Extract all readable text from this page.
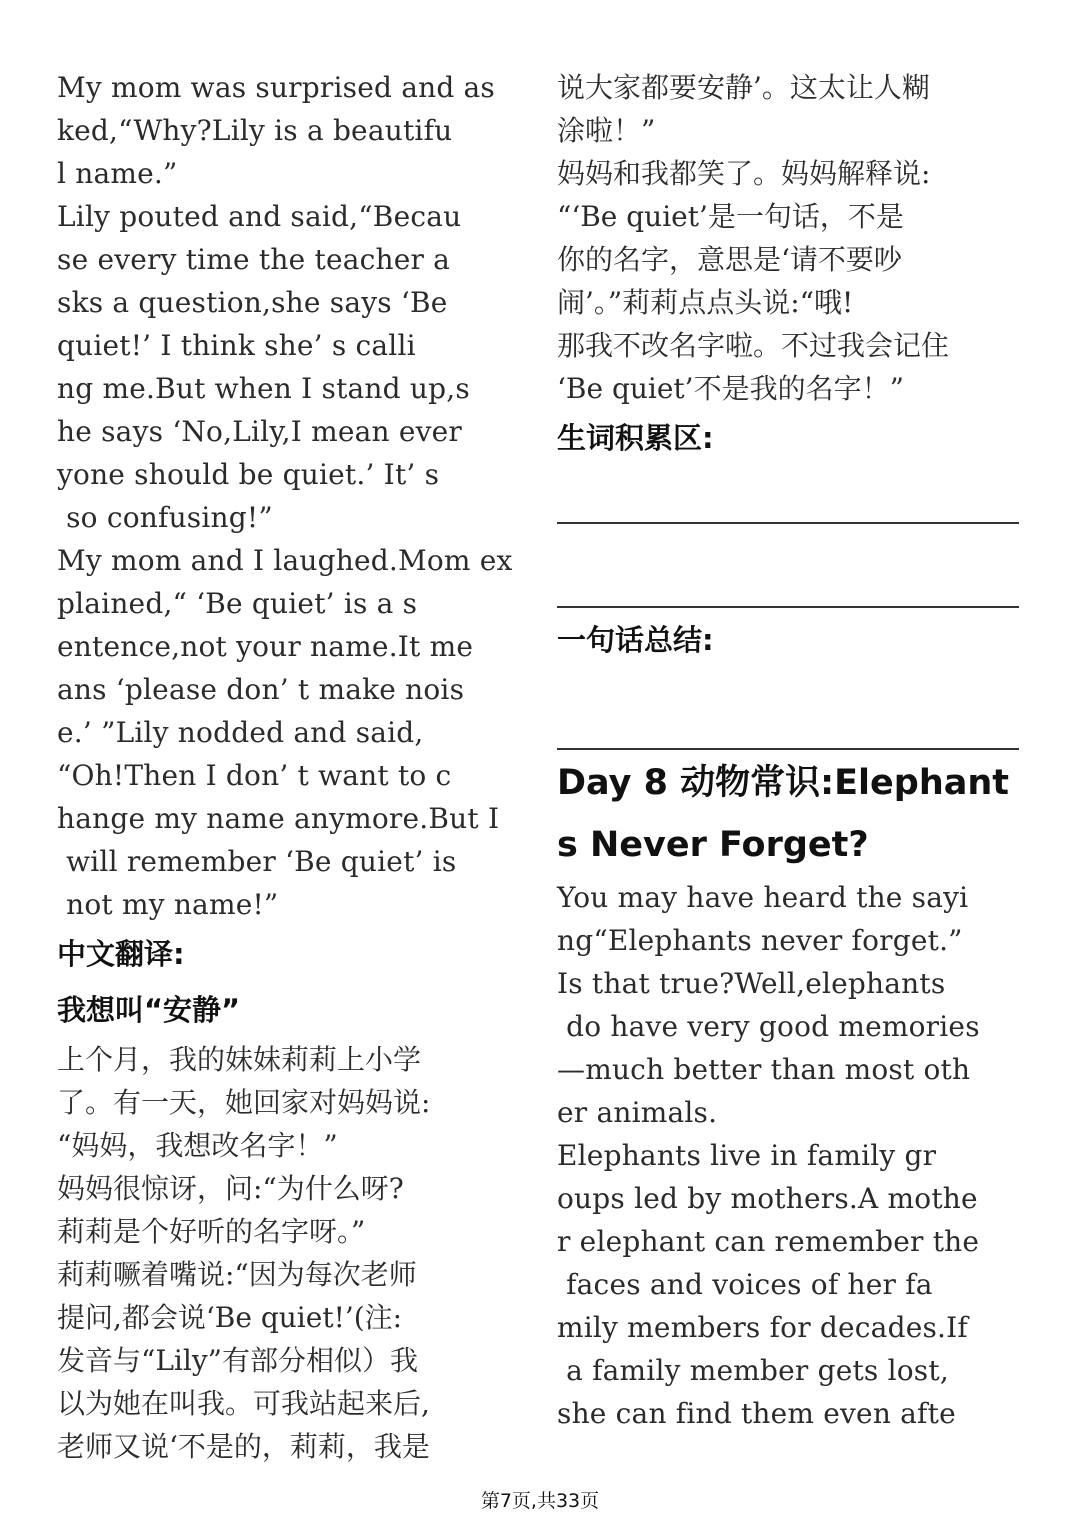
My mom was surprised and as
ked,“Why?Lily is a beautifu
l name.”
Lily pouted and said,“Becau
se every time the teacher a
sks a question,she says ‘Be
quiet!’ I think she’ s calli
ng me.But when I stand up,s
he says ‘No,Lily,I mean ever
yone should be quiet.’ It’ s
so confusing!”
My mom and I laughed.Mom ex
plained,“ ‘Be quiet’ is a s
entence,not your name.It me
ans ‘please don’ t make nois
e.’ ”Lily nodded and said,
“Oh!Then I don’ t want to c
hange my name anymore.But I
will remember ‘Be quiet’ is
not my name!”
中文翻译:
我想叫“安静”
上个月，我的妹妹莉莉上小学
了。有一天，她回家对妈妈说:
“妈妈，我想改名字！”
妈妈很惊讶，问:“为什么呀?
莉莉是个好听的名字呀。”
莉莉噘着嘴说:“因为每次老师
提问,都会说‘Be quiet!’(注:
发音与“Lily”有部分相似）我
以为她在叫我。可我站起来后,
老师又说‘不是的，莉莉，我是
说大家都要安静’。这太让人糊
涂啦！”
妈妈和我都笑了。妈妈解释说:
“‘Be quiet’是一句话，不是
你的名字，意思是‘请不要吵
闹’。”莉莉点点头说:“哦!
那我不改名字啦。不过我会记住
‘Be quiet’不是我的名字！”
生词积累区:
一句话总结:
Day 8 动物常识:Elephant
s Never Forget?
You may have heard the sayi
ng“Elephants never forget.”
Is that true?Well,elephants
do have very good memories
—much better than most oth
er animals.
Elephants live in family gr
oups led by mothers.A mothe
r elephant can remember the
faces and voices of her fa
mily members for decades.If
a family member gets lost,
she can find them even afte
第7页,共33页
